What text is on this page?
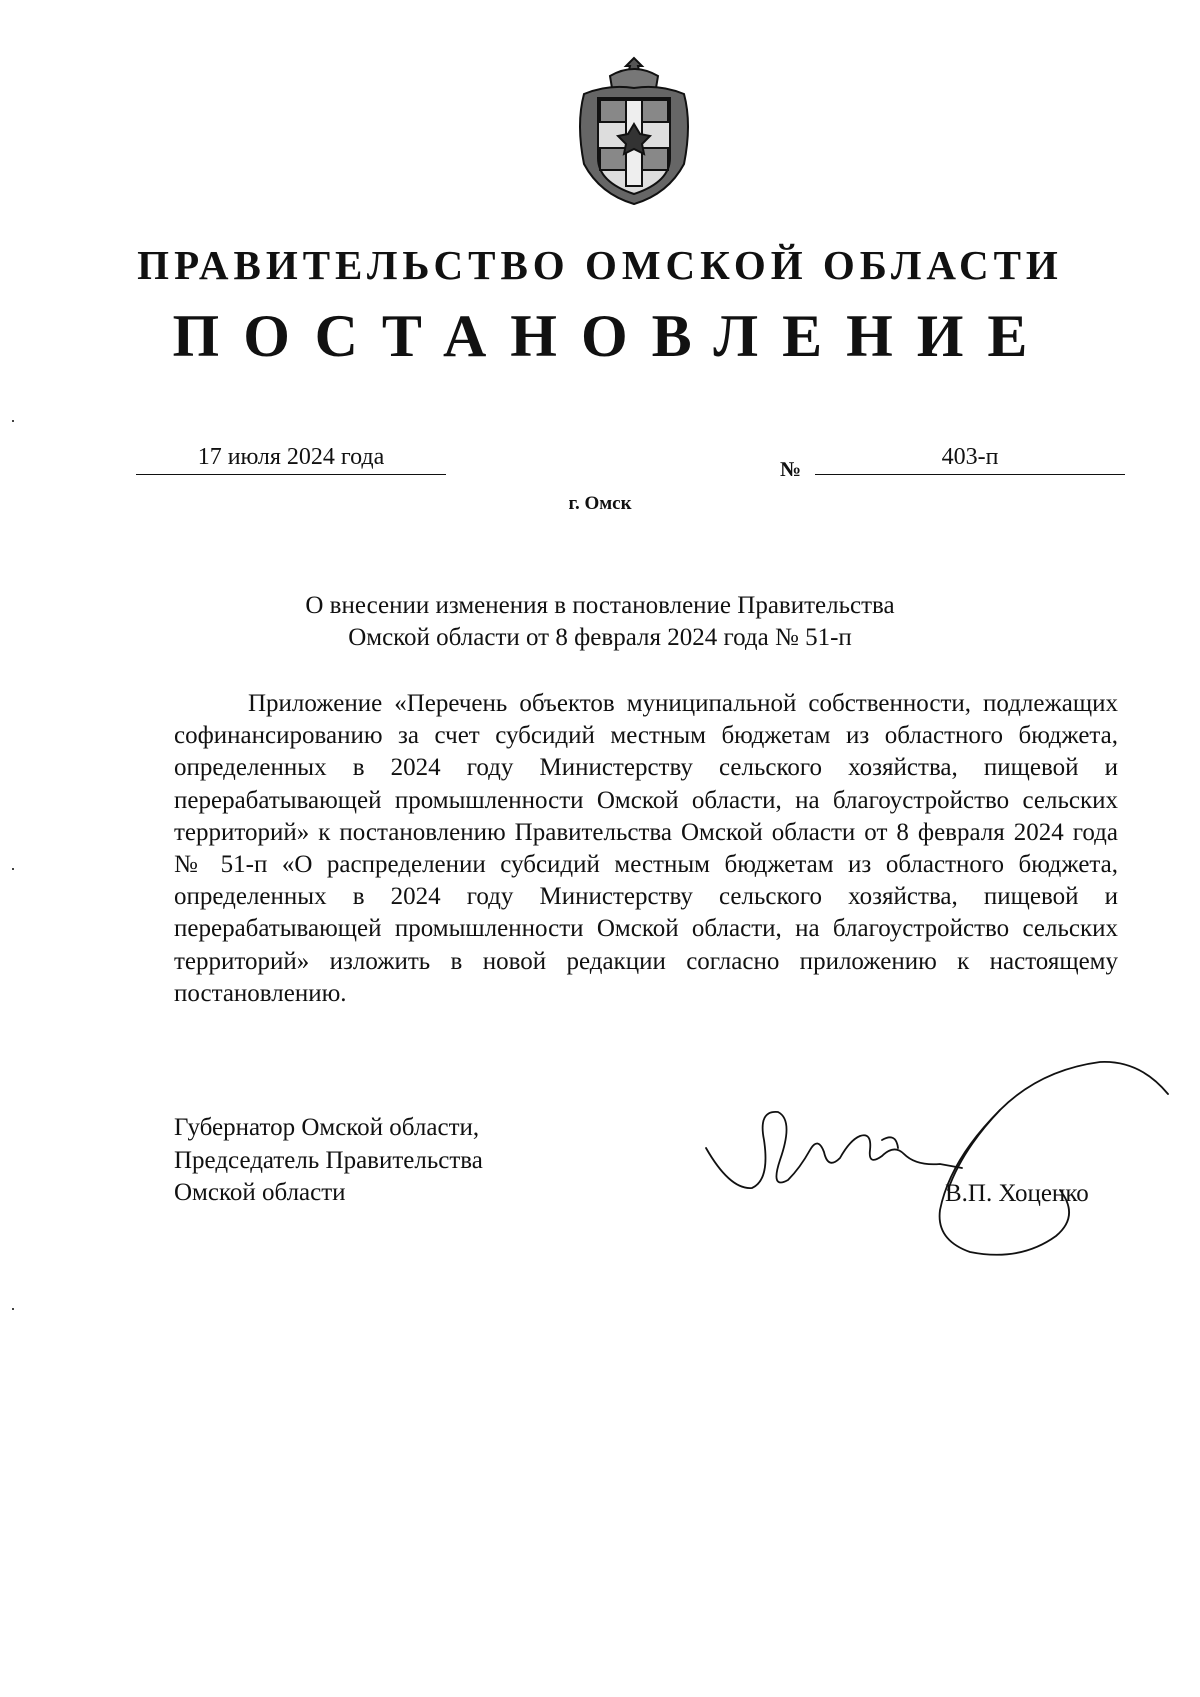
ПРАВИТЕЛЬСТВО ОМСКОЙ ОБЛАСТИ
ПОСТАНОВЛЕНИЕ
17 июля 2024 года	№	403-п
г. Омск
О внесении изменения в постановление Правительства
Омской области от 8 февраля 2024 года № 51-п

Приложение «Перечень объектов муниципальной собственности, подлежащих софинансированию за счет субсидий местным бюджетам из областного бюджета, определенных в 2024 году Министерству сельского хозяйства, пищевой и перерабатывающей промышленности Омской области, на благоустройство сельских территорий» к постановлению Правительства Омской области от 8 февраля 2024 года № 51-п «О распределении субсидий местным бюджетам из областного бюджета, определенных в 2024 году Министерству сельского хозяйства, пищевой и перерабатывающей промышленности Омской области, на благоустройство сельских территорий» изложить в новой редакции согласно приложению к настоящему постановлению.

Губернатор Омской области,
Председатель Правительства
Омской области	В.П. Хоценко
